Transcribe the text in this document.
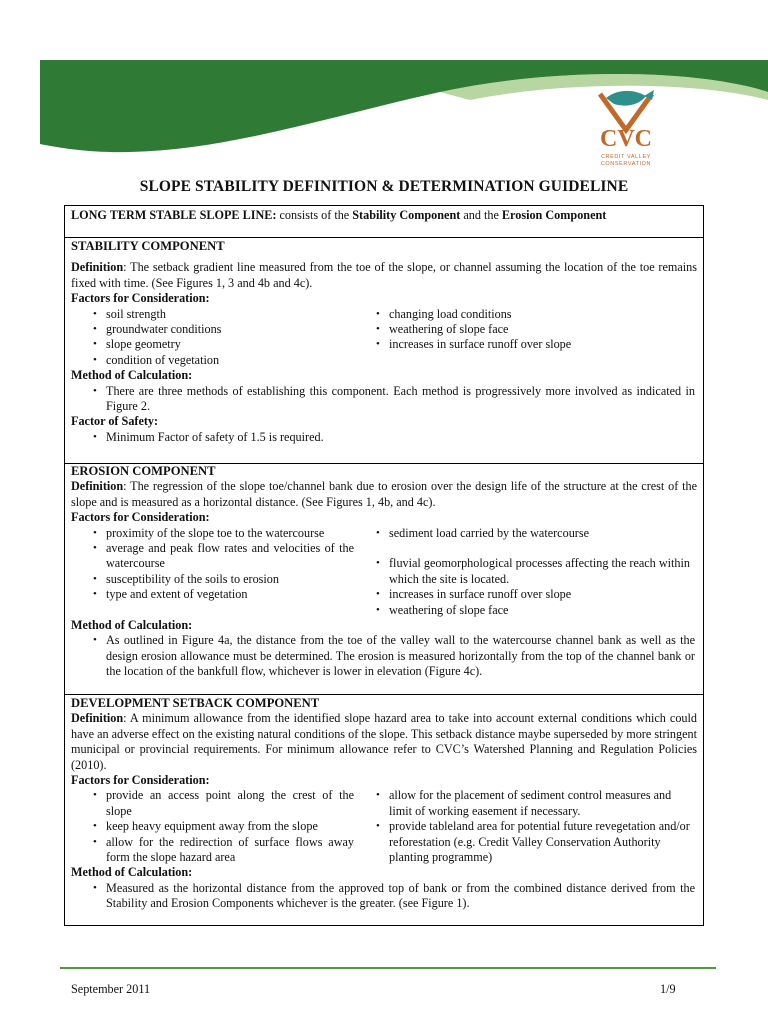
CVC
CREDIT VALLEY
CONSERVATION
SLOPE STABILITY DEFINITION & DETERMINATION GUIDELINE
LONG TERM STABLE SLOPE LINE: consists of the Stability Component and the Erosion Component
STABILITY COMPONENT
Definition: The setback gradient line measured from the toe of the slope, or channel assuming the location of the toe remains fixed with time. (See Figures 1, 3 and 4b and 4c).
Factors for Consideration:
• soil strength
• groundwater conditions
• slope geometry
• condition of vegetation
• changing load conditions
• weathering of slope face
• increases in surface runoff over slope
Method of Calculation:
• There are three methods of establishing this component. Each method is progressively more involved as indicated in Figure 2.
Factor of Safety:
• Minimum Factor of safety of 1.5 is required.
EROSION COMPONENT
Definition: The regression of the slope toe/channel bank due to erosion over the design life of the structure at the crest of the slope and is measured as a horizontal distance. (See Figures 1, 4b, and 4c).
Factors for Consideration:
• proximity of the slope toe to the watercourse
• average and peak flow rates and velocities of the watercourse
• susceptibility of the soils to erosion
• type and extent of vegetation
• sediment load carried by the watercourse
• fluvial geomorphological processes affecting the reach within which the site is located.
• increases in surface runoff over slope
• weathering of slope face
Method of Calculation:
• As outlined in Figure 4a, the distance from the toe of the valley wall to the watercourse channel bank as well as the design erosion allowance must be determined. The erosion is measured horizontally from the top of the channel bank or the location of the bankfull flow, whichever is lower in elevation (Figure 4c).
DEVELOPMENT SETBACK COMPONENT
Definition: A minimum allowance from the identified slope hazard area to take into account external conditions which could have an adverse effect on the existing natural conditions of the slope. This setback distance maybe superseded by more stringent municipal or provincial requirements. For minimum allowance refer to CVC’s Watershed Planning and Regulation Policies (2010).
Factors for Consideration:
• provide an access point along the crest of the slope
• keep heavy equipment away from the slope
• allow for the redirection of surface flows away form the slope hazard area
• allow for the placement of sediment control measures and limit of working easement if necessary.
• provide tableland area for potential future revegetation and/or reforestation (e.g. Credit Valley Conservation Authority planting programme)
Method of Calculation:
• Measured as the horizontal distance from the approved top of bank or from the combined distance derived from the Stability and Erosion Components whichever is the greater. (see Figure 1).
September 2011	1/9
